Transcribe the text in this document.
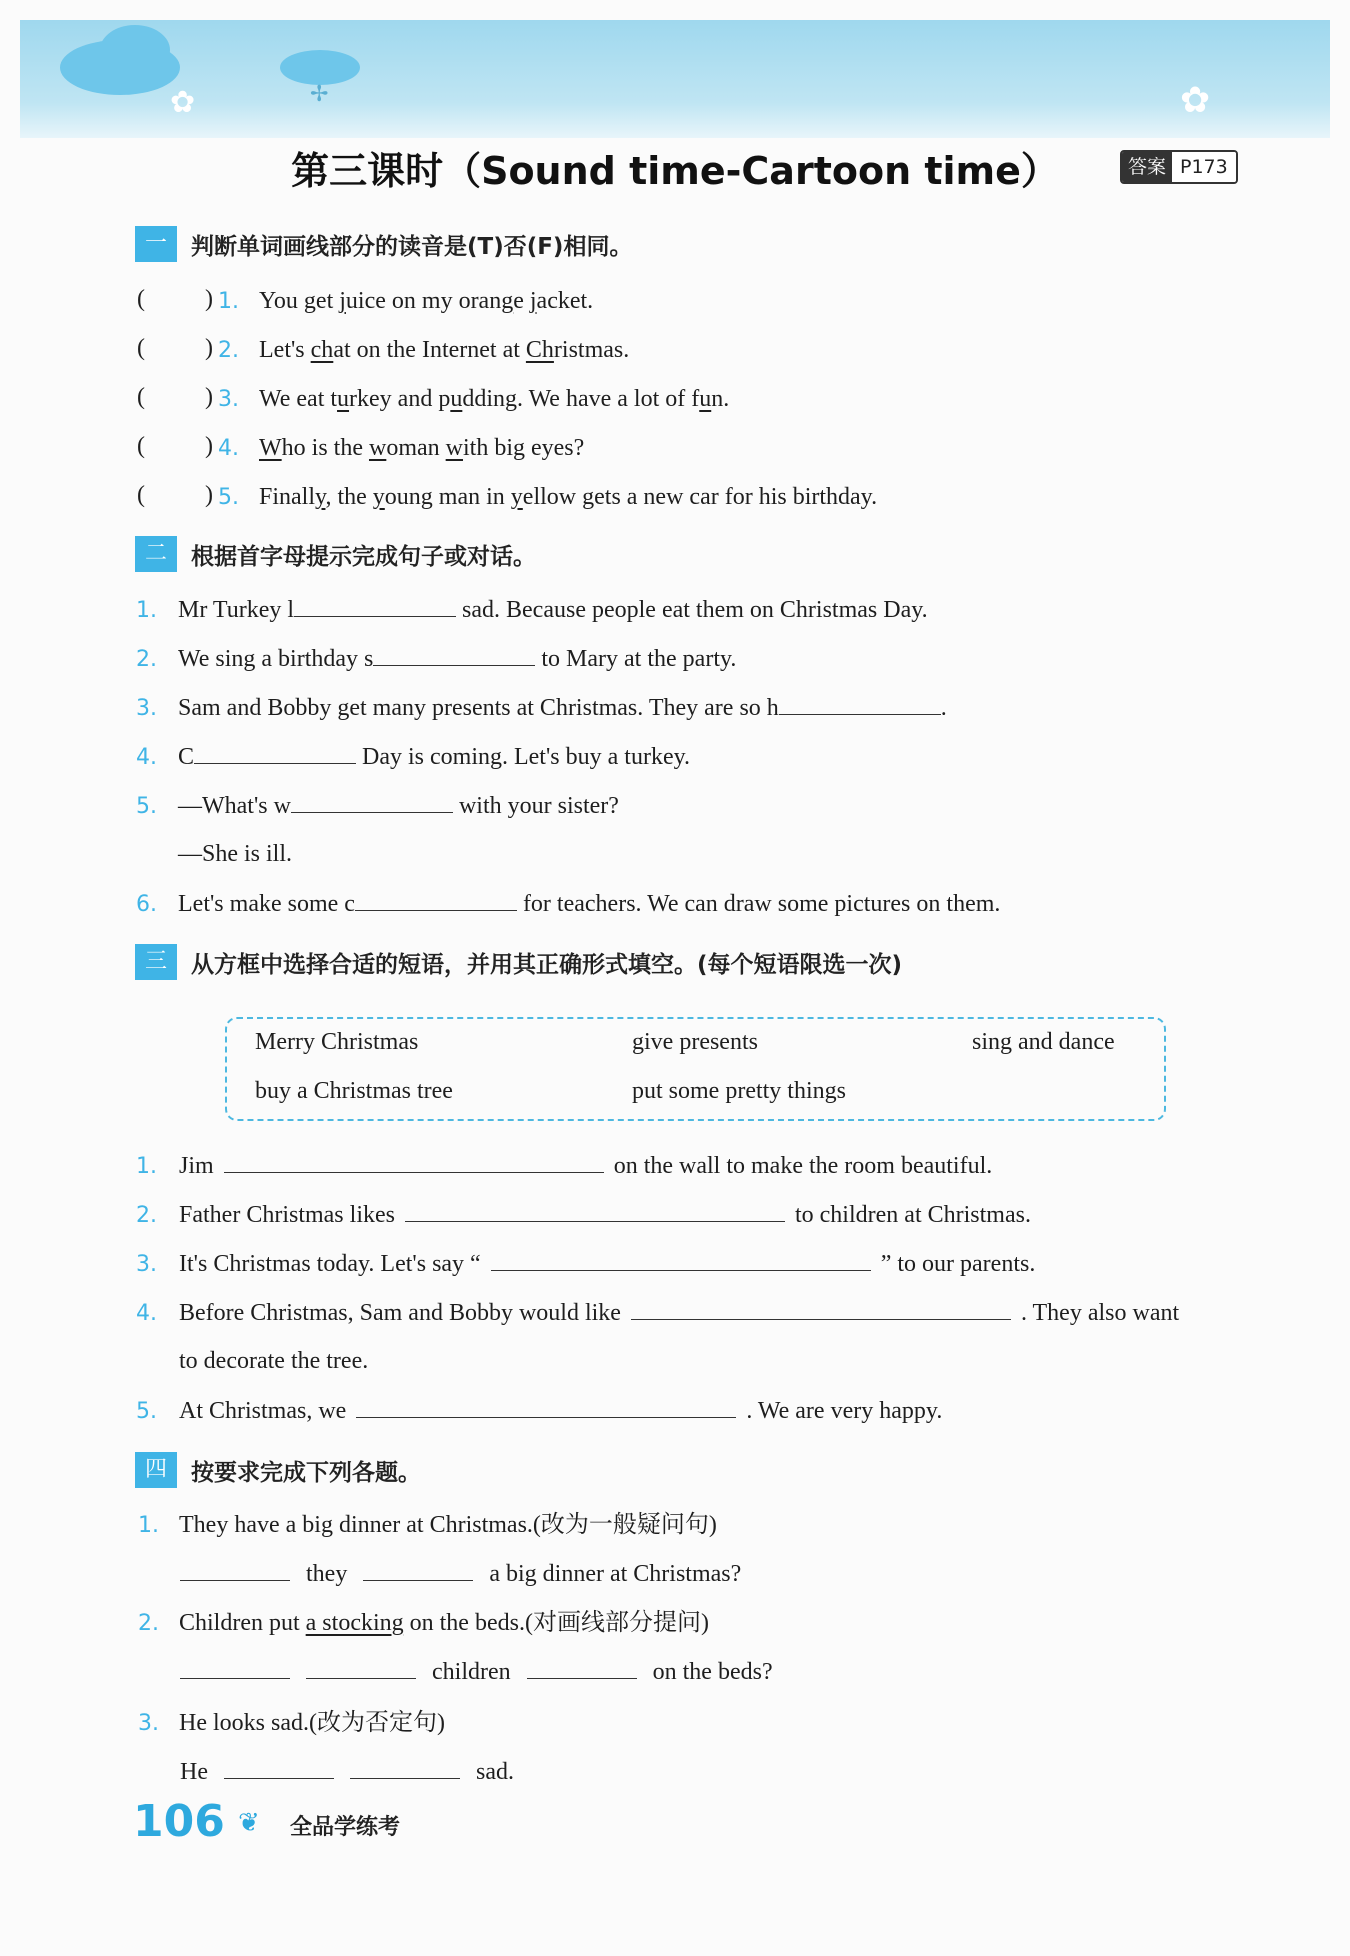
✿	✿
✢
第三课时（Sound time-Cartoon time）	答案 P173
一	判断单词画线部分的读音是(T)否(F)相同。
(	) 1. You get juice on my orange jacket.
(	) 2. Let's chat on the Internet at Christmas.
(	) 3. We eat turkey and pudding. We have a lot of fun.
(	) 4. Who is the woman with big eyes?
(	) 5. Finally, the young man in yellow gets a new car for his birthday.
二	根据首字母提示完成句子或对话。
1. Mr Turkey l	sad. Because people eat them on Christmas Day.
2. We sing a birthday s	to Mary at the party.
3. Sam and Bobby get many presents at Christmas. They are so h	.
4. C	Day is coming. Let's buy a turkey.
5. —What's w	with your sister?
—She is ill.
6. Let's make some c	for teachers. We can draw some pictures on them.
三	从方框中选择合适的短语，并用其正确形式填空。(每个短语限选一次)
Merry Christmas	give presents	sing and dance
buy a Christmas tree	put some pretty things
1. Jim	on the wall to make the room beautiful.
2. Father Christmas likes	to children at Christmas.
3. It's Christmas today. Let's say “	” to our parents.
4. Before Christmas, Sam and Bobby would like	. They also want
to decorate the tree.
5. At Christmas, we	. We are very happy.
四	按要求完成下列各题。
1. They have a big dinner at Christmas.(改为一般疑问句)
they	a big dinner at Christmas?
2. Children put a stocking on the beds.(对画线部分提问)
children	on the beds?
3. He looks sad.(改为否定句)
He	sad.
106 ❦ 全品学练考
